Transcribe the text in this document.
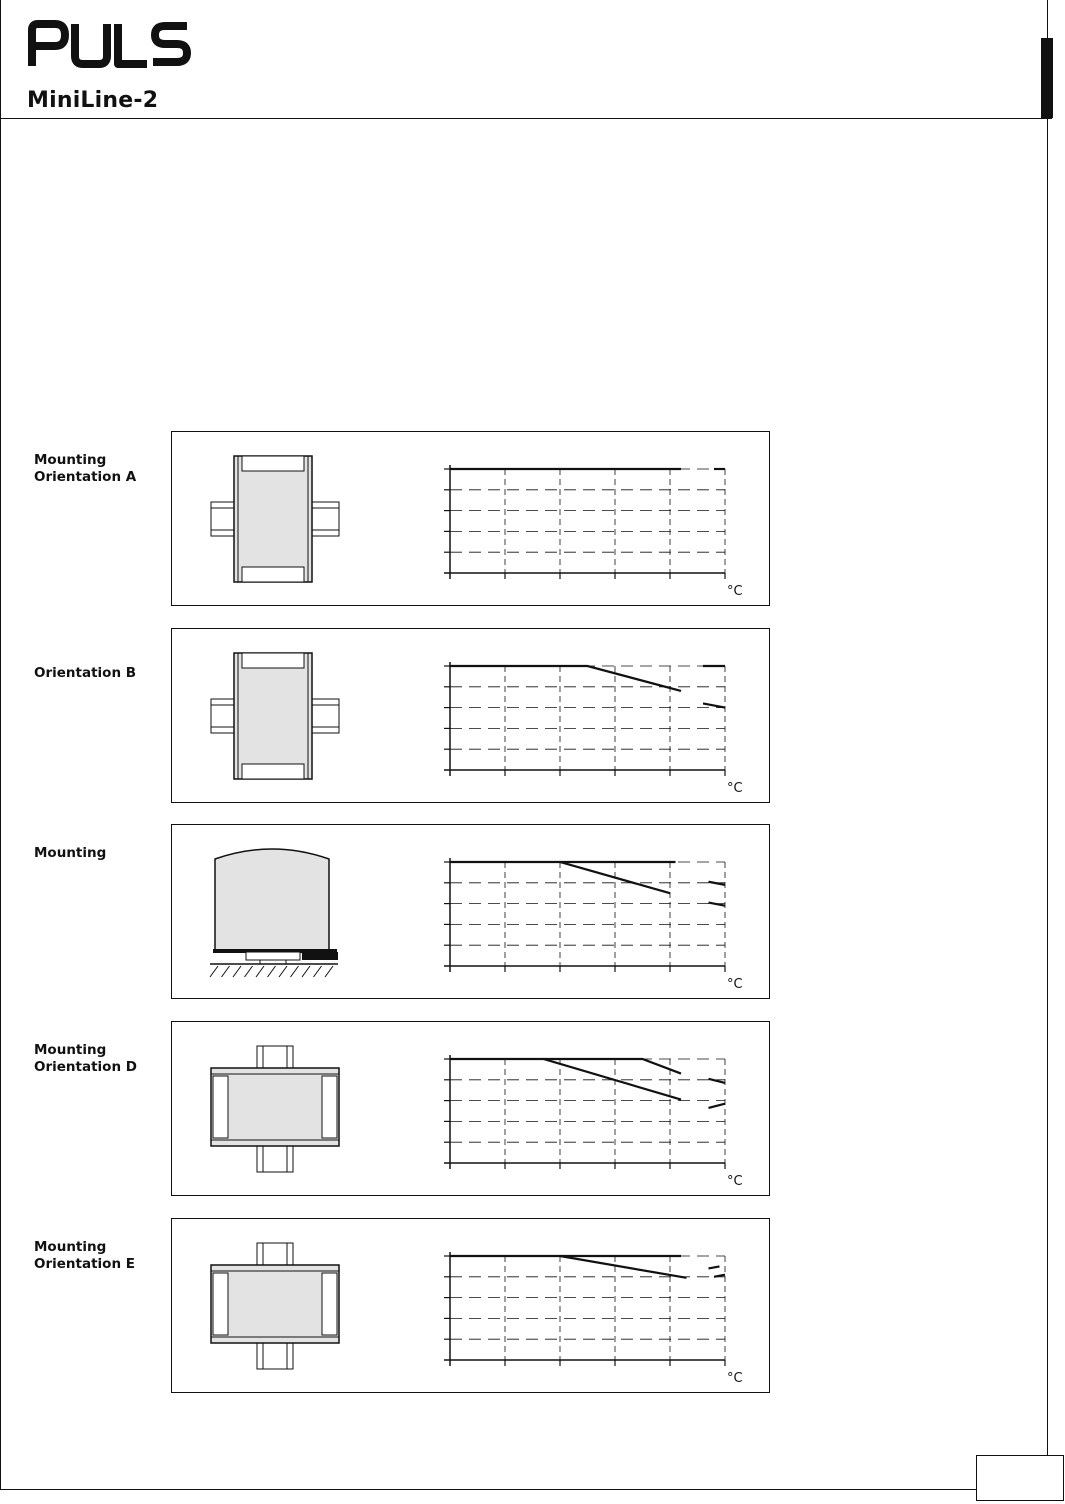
MiniLine-2
Mounting
Orientation A
°C
Orientation B
°C
Mounting
°C
Mounting
Orientation D
°C
Mounting
Orientation E
°C
